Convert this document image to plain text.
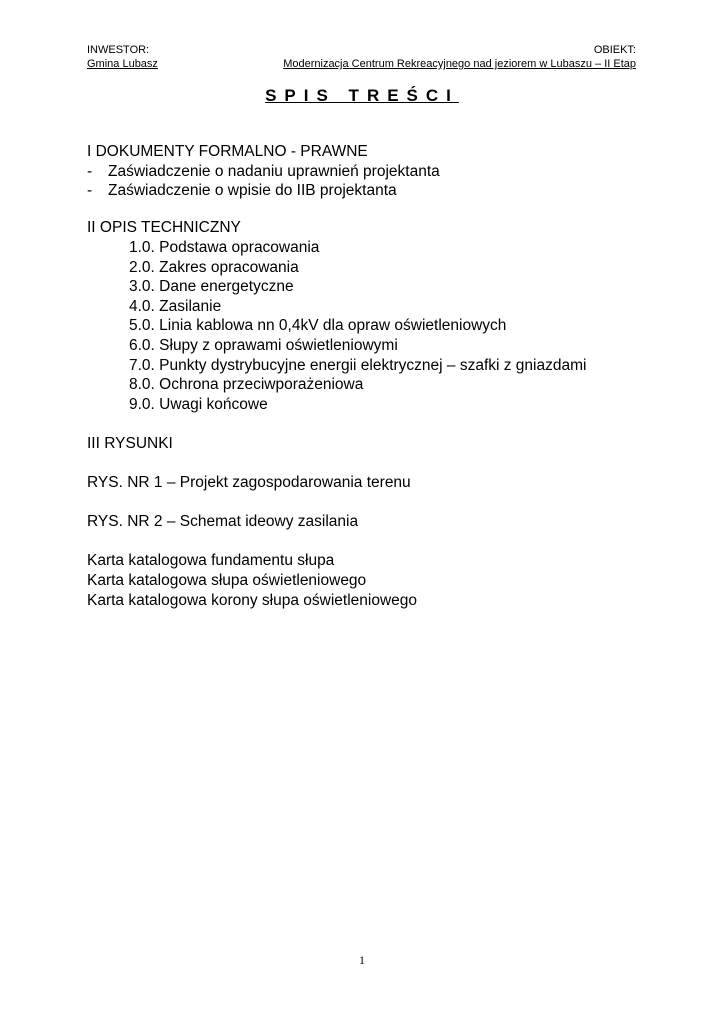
INWESTOR:	OBIEKT:
Gmina Lubasz	Modernizacja Centrum Rekreacyjnego nad jeziorem w Lubaszu – II Etap
SPIS TREŚCI
I DOKUMENTY FORMALNO - PRAWNE
- Zaświadczenie o nadaniu uprawnień projektanta
- Zaświadczenie o wpisie do IIB projektanta
II OPIS TECHNICZNY
1.0. Podstawa opracowania
2.0. Zakres opracowania
3.0. Dane energetyczne
4.0. Zasilanie
5.0. Linia kablowa nn 0,4kV dla opraw oświetleniowych
6.0. Słupy z oprawami oświetleniowymi
7.0. Punkty dystrybucyjne energii elektrycznej – szafki z gniazdami
8.0. Ochrona przeciwporażeniowa
9.0. Uwagi końcowe
III RYSUNKI
RYS. NR 1 – Projekt zagospodarowania terenu
RYS. NR 2 – Schemat ideowy zasilania
Karta katalogowa fundamentu słupa
Karta katalogowa słupa oświetleniowego
Karta katalogowa korony słupa oświetleniowego
1
